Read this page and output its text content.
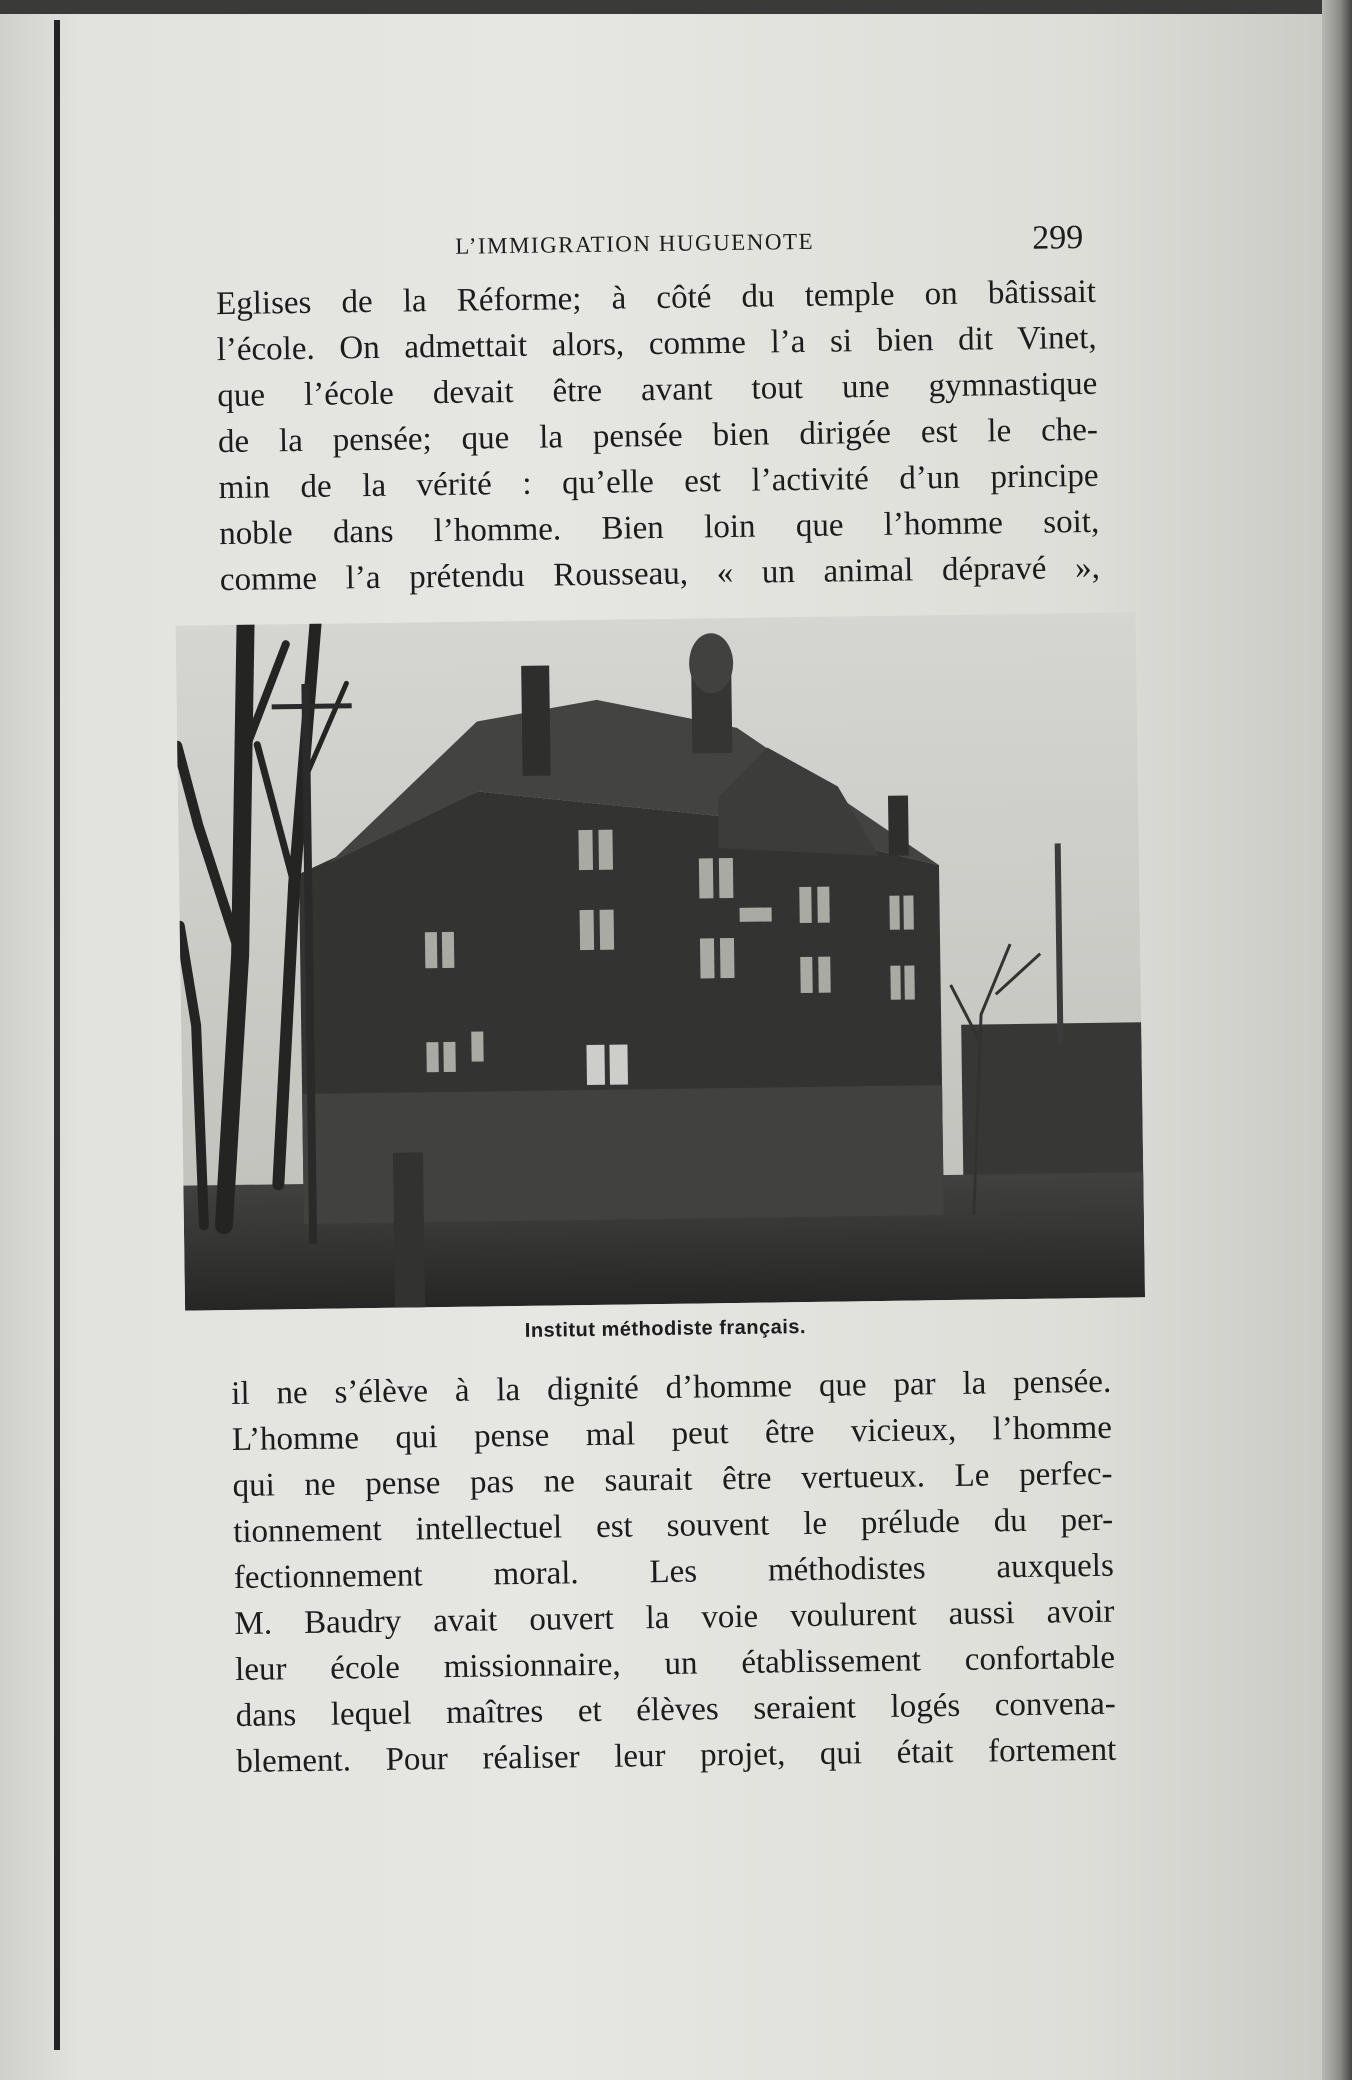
L’IMMIGRATION HUGUENOTE	299

Eglises de la Réforme; à côté du temple on bâtissait
l’école. On admettait alors, comme l’a si bien dit Vinet,
que l’école devait être avant tout une gymnastique
de la pensée; que la pensée bien dirigée est le che-
min de la vérité : qu’elle est l’activité d’un principe
noble dans l’homme. Bien loin que l’homme soit,
comme l’a prétendu Rousseau, « un animal dépravé »,

Institut méthodiste français.

il ne s’élève à la dignité d’homme que par la pensée.
L’homme qui pense mal peut être vicieux, l’homme
qui ne pense pas ne saurait être vertueux. Le perfec-
tionnement intellectuel est souvent le prélude du per-
fectionnement moral. Les méthodistes auxquels
M. Baudry avait ouvert la voie voulurent aussi avoir
leur école missionnaire, un établissement confortable
dans lequel maîtres et élèves seraient logés convena-
blement. Pour réaliser leur projet, qui était fortement
